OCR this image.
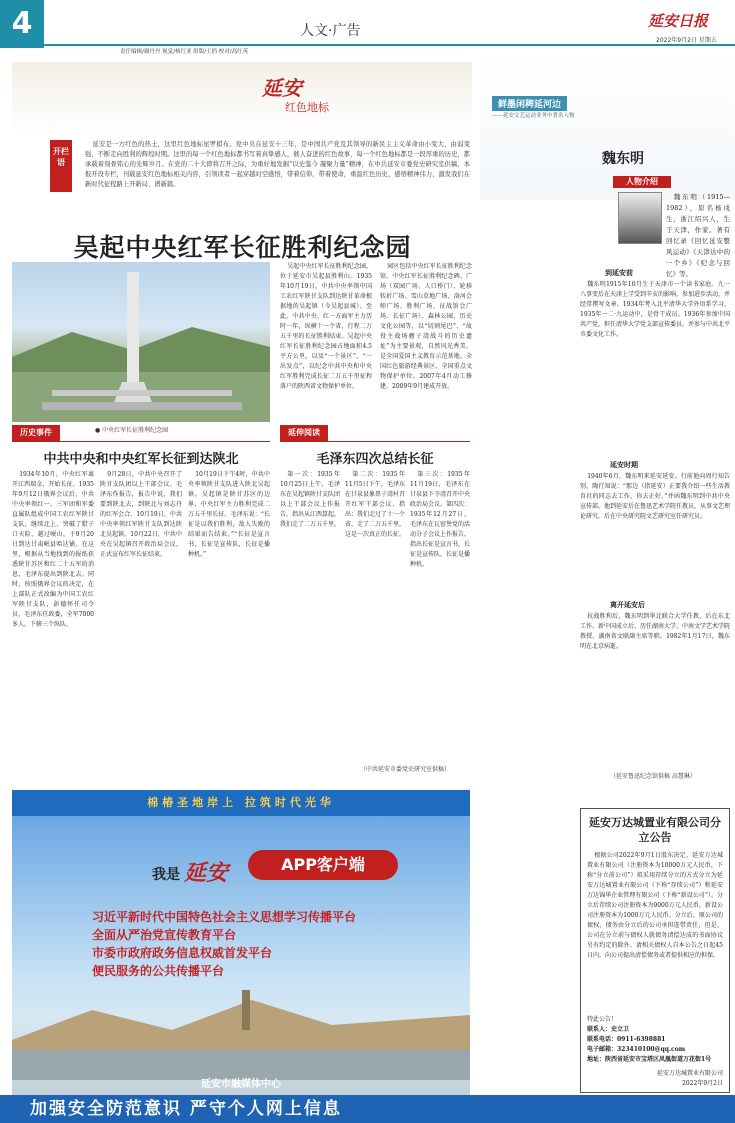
4	人文·广告
责任编辑/谢丹丹 视觉/杨红亚 组版/王俏 校对/高红英
延安日报
2022年9月2日 星期五
延安
红色地标
开栏语
延安是一方红色的热土，这里红色地标星罗棋布。党中央在延安十三年，是中国共产党及其领导的新民主主义革命由小变大、由弱变强，不断走向胜利的辉煌时期。这里的每一个红色地标都书写着真挚感人，催人奋进的红色故事，每一个红色地标都是一段厚重的历史，都承载着刻骨铭心的光辉岁月。在党的二十大即将召开之际，为重好地发掘“以史鉴今 凝聚力量”精神，在中共延安市委党史研究室供稿，本报开设专栏，刊载延安红色地标相关内容，引领读者一起穿越时空感悟，带着信仰，带着使命，重温红色历史，感悟精神伟力，激发我们在新时代征程路上开新局、谱新篇。
吴起中央红军长征胜利纪念园
● 中央红军长征胜利纪念园
吴起中央红军长征胜利纪念园，位于延安市吴起县胜利山。1935年10月19日，中共中央率领中国工农红军陕甘支队到达陕甘革命根据地的吴起镇（今吴起县城）。至此，中共中央、红一方面军主力历时一年，纵横十一个省，行程二万五千里的长征胜利结束。吴起中央红军长征胜利纪念园占地面积4.5平方公里，以及“一个景区”，“一出发点”，以纪念中共中央和中央红军胜利完成长征二万五千里征程落户的陕西省文物保护单位。
园区包括中央红军长征胜利纪念馆、中央红军长征胜利纪念碑、广场（双园广场、人口桥门）、轮移转折广场、雪山草地广场、洛河会师广场、胜利广场、征战馆会广场、长征广场）、森林公园、历史文化公园等，以“切割尾巴”、“故役主战场蘑子湾战斗的历史遗址”为主要景观，自然风光秀美，是全国爱国主义教育示范基地、全国红色旅游经典景区、全国重点文物保护单位。2007年4月动工修建，2009年9月建成开放。
历史事件
中共中央和中央红军长征到达陕北
1934年10月，中央红军离开江西瑞金，开始长征。1935年9月12日俄界会议后，中共中央率领红一、三军团和军委直属队组成中国工农红军陕甘支队，继续北上。突破了腊子口天险，越过岷山，于9月20日到达甘肃岷县哈达铺。在这里，根据从当地找到的报纸获悉陕甘苏区和红二十五军的消息，毛泽东提出到陕北去。同时，按照俄界会议的决定，在上部队正式改编为中国工农红军陕甘支队，彭德怀任司令员，毛泽东任政委，全军7000多人。下辖三个纵队。
9月28日，中共中央召开了陕甘支队团以上干部会议。毛泽东作报告，报告中说，我们要到陕北去，到陕北与刘志丹的红军会合。10月19日，中共中央率领红军陕甘支队到达陕北吴起镇。10月22日，中共中央在吴起镇召开政治局会议，正式宣布红军长征结束。
10月19日下午4时，中共中央率领陕甘支队进入陕北吴起镇。吴起镇是陕甘苏区的边界，中央红军主力胜利完成二万五千里长征。毛泽东说：“长征是以我们胜利，敌人失败的结果而告结束。”“长征是宣言书，长征是宣传队，长征是播种机。”
延伸阅读
毛泽东四次总结长征
第一次：1935年10月25日上午，毛泽东在吴起镇陕甘支队团以上干部会议上作报告，指出从江西算起，我们走了二万五千里。
第二次：1935年11月5日下午，毛泽东在甘泉县象鼻子湾村召开红军干部会议，指出：我们走过了十一个省，走了二万五千里，这是一次真正的长征。
第三次：1935年11月19日，毛泽东在甘泉县下寺湾召开中央政治局会议。第四次：1935年12月27日，毛泽东在瓦窑堡党的活动分子会议上作报告，指出长征是宣言书，长征是宣传队，长征是播种机。
（中共延安市委党史研究室供稿）
棉椿圣地岸上 拉筑时代光华
我是 延安	APP客户端
习近平新时代中国特色社会主义思想学习传播平台
全面从严治党宣传教育平台
市委市政府政务信息权威首发平台
便民服务的公共传播平台
延安市融媒体中心
加强安全防范意识 严守个人网上信息
鲜墨闲稗延河边
——延安文艺运动业务中著名人物
魏东明
人物介绍
魏东明（1915—1982），原名杨戌生，浙江绍兴人，生于天津，作家。著有回忆录《回忆延安整风运动》《天津达中的一个乡》《纪念与回忆》等。
到延安前
魏东明1915年10月生于天津市一个读书家庭。九一八事变后在天津上学受到辛亥的影响，参加进步活动，并经常撰写文章。1934年考入北平清华大学外语系学习，1935年一二·九运动中，是骨干成员。1936年参加中国共产党，担任清华大学党支部宣传委员，并参与中共北平市委文化工作。
延安时期
1940年6月，魏东明来延安延安。行前他向周行知告别，陶行知说：“那边（指延安）正要我介绍一些生活教育社的同志去工作，你去正好。”并函魏东明到中共中央宣传部，他到延安后在鲁迅艺术学院任教员，从事文艺理论研究，后在中央研究院文艺研究室任研究员。
离开延安后
抗战胜利后，魏东明到华北联合大学任教，后在东北工作。新中国成立后，历任湖南大学、中南文学艺术学院教授、湖南省文联副主席等职。1982年1月17日，魏东明在北京病逝。
（延安鲁迅纪念馆供稿 高慧琳）
延安万达城置业有限公司分立公告
根据公司2022年9月1日股东决定，延安万达城置业有限公司（注册资本为10000万元人民币，下称“分立前公司”）拟采用存续分立的方式分立为延安万达城置业有限公司（下称“存续公司”）和延安万达锦华企业管理有限公司（下称“新设公司”）。分立后存续公司注册资本为9000万元人民币，新设公司注册资本为1000万元人民币。分立后，原公司的债权、债务由分立后的公司承担连带责任，但是，公司在分立前与债权人就债务清偿达成的书面协议另有约定的除外。请相关债权人自本公告之日起45日内，向公司提出清偿债务或者提供相应的担保。
特此公告！
联系人：史立卫
联系电话：0911-6398881
电子邮箱：323410100@qq.com
地址：陕西省延安市宝塔区凤凰街道万花街1号
延安万达城置业有限公司
2022年9月2日
